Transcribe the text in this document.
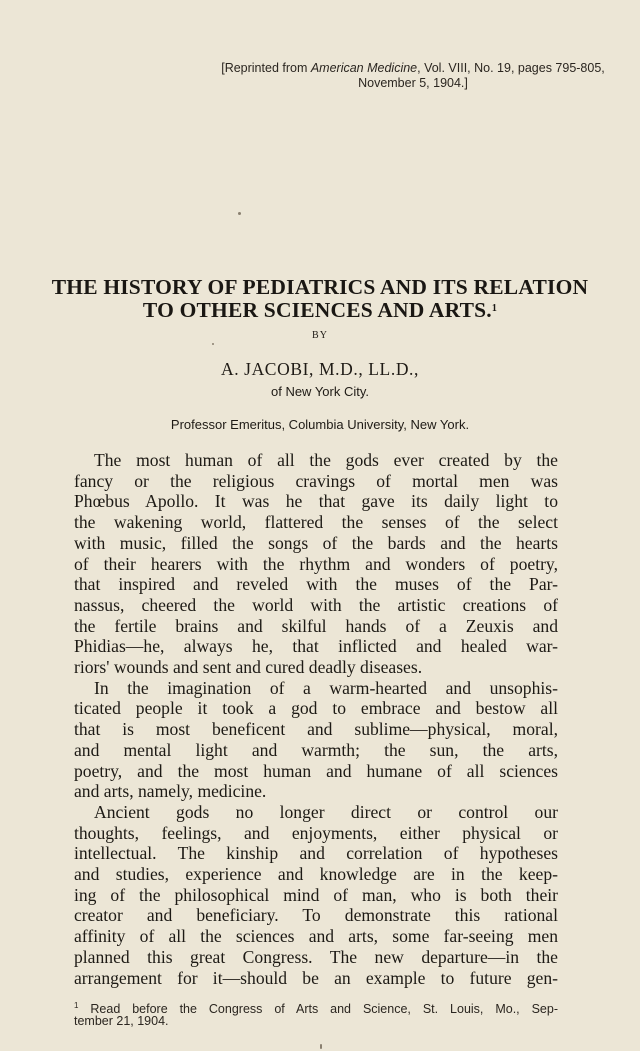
[Reprinted from American Medicine, Vol. VIII, No. 19, pages 795-805,
November 5, 1904.]
THE HISTORY OF PEDIATRICS AND ITS RELATION
TO OTHER SCIENCES AND ARTS.$^1$
BY
A. JACOBI, M.D., LL.D.,
of New York City.
Professor Emeritus, Columbia University, New York.
The most human of all the gods ever created by the
fancy or the religious cravings of mortal men was
Phœbus Apollo. It was he that gave its daily light to
the wakening world, flattered the senses of the select
with music, filled the songs of the bards and the hearts
of their hearers with the rhythm and wonders of poetry,
that inspired and reveled with the muses of the Par-
nassus, cheered the world with the artistic creations of
the fertile brains and skilful hands of a Zeuxis and
Phidias—he, always he, that inflicted and healed war-
riors' wounds and sent and cured deadly diseases.
In the imagination of a warm-hearted and unsophis-
ticated people it took a god to embrace and bestow all
that is most beneficent and sublime—physical, moral,
and mental light and warmth; the sun, the arts,
poetry, and the most human and humane of all sciences
and arts, namely, medicine.
Ancient gods no longer direct or control our
thoughts, feelings, and enjoyments, either physical or
intellectual. The kinship and correlation of hypotheses
and studies, experience and knowledge are in the keep-
ing of the philosophical mind of man, who is both their
creator and beneficiary. To demonstrate this rational
affinity of all the sciences and arts, some far-seeing men
planned this great Congress. The new departure—in the
arrangement for it—should be an example to future gen-
$^1$ Read before the Congress of Arts and Science, St. Louis, Mo., Sep-
tember 21, 1904.
